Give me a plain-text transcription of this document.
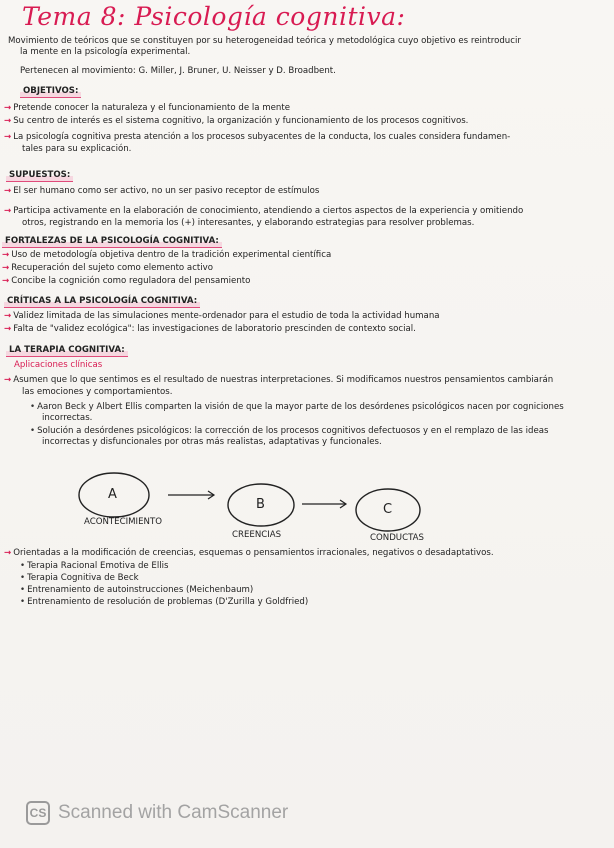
Tema 8: Psicología cognitiva:
Movimiento de teóricos que se constituyen por su heterogeneidad teórica y metodológica cuyo objetivo es reintroducir
la mente en la psicología experimental.
Pertenecen al movimiento: G. Miller, J. Bruner, U. Neisser y D. Broadbent.
OBJETIVOS:
→ Pretende conocer la naturaleza y el funcionamiento de la mente
→ Su centro de interés es el sistema cognitivo, la organización y funcionamiento de los procesos cognitivos.
→ La psicología cognitiva presta atención a los procesos subyacentes de la conducta, los cuales considera fundamen-
tales para su explicación.
SUPUESTOS:
→ El ser humano como ser activo, no un ser pasivo receptor de estímulos
→ Participa activamente en la elaboración de conocimiento, atendiendo a ciertos aspectos de la experiencia y omitiendo
otros, registrando en la memoria los (+) interesantes, y elaborando estrategias para resolver problemas.
FORTALEZAS DE LA PSICOLOGÍA COGNITIVA:
→ Uso de metodología objetiva dentro de la tradición experimental científica
→ Recuperación del sujeto como elemento activo
→ Concibe la cognición como reguladora del pensamiento
CRÍTICAS A LA PSICOLOGÍA COGNITIVA:
→ Validez limitada de las simulaciones mente-ordenador para el estudio de toda la actividad humana
→ Falta de "validez ecológica": las investigaciones de laboratorio prescinden de contexto social.
LA TERAPIA COGNITIVA:
Aplicaciones clínicas
→ Asumen que lo que sentimos es el resultado de nuestras interpretaciones. Si modificamos nuestros pensamientos cambiarán
las emociones y comportamientos.
• Aaron Beck y Albert Ellis comparten la visión de que la mayor parte de los desórdenes psicológicos nacen por cogniciones
incorrectas.
• Solución a desórdenes psicológicos: la corrección de los procesos cognitivos defectuosos y en el remplazo de las ideas
incorrectas y disfuncionales por otras más realistas, adaptativas y funcionales.
A
ACONTECIMIENTO
B
CREENCIAS
C
CONDUCTAS
→ Orientadas a la modificación de creencias, esquemas o pensamientos irracionales, negativos o desadaptativos.
• Terapia Racional Emotiva de Ellis
• Terapia Cognitiva de Beck
• Entrenamiento de autoinstrucciones (Meichenbaum)
• Entrenamiento de resolución de problemas (D'Zurilla y Goldfried)
CS Scanned with CamScanner
